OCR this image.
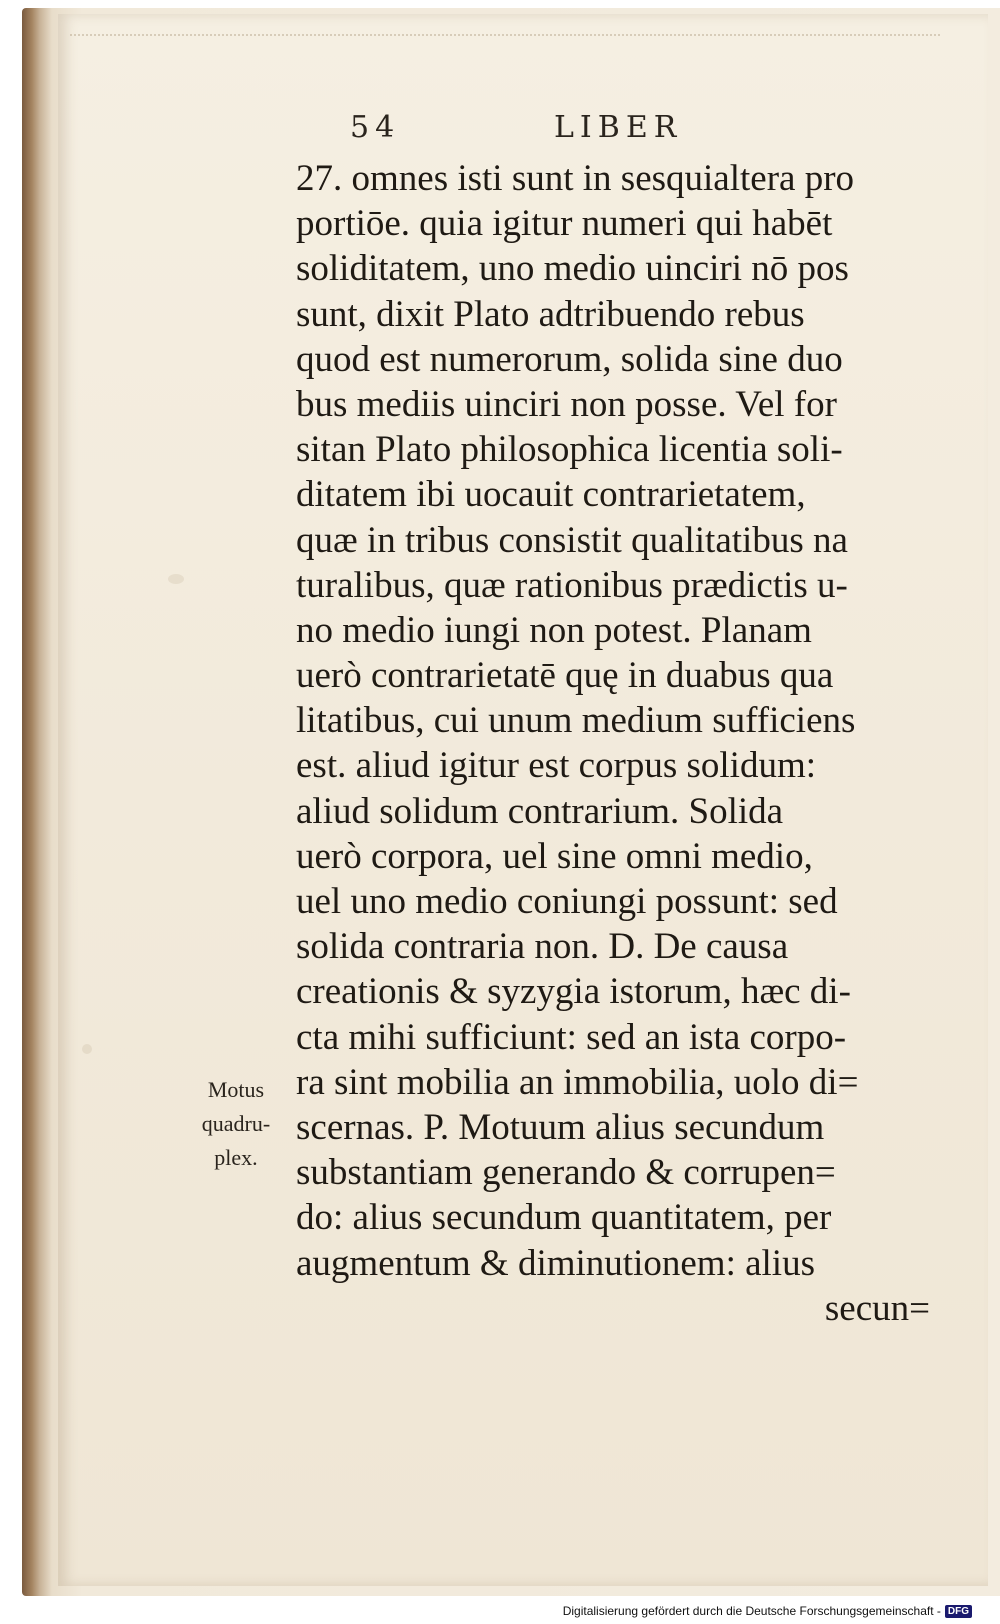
54	LIBER
27. omnes isti sunt in sesquialtera pro
portiōe. quia igitur numeri qui habēt
soliditatem, uno medio uinciri nō pos
sunt, dixit Plato adtribuendo rebus
quod est numerorum, solida sine duo
bus mediis uinciri non posse. Vel for
sitan Plato philosophica licentia soli-
ditatem ibi uocauit contrarietatem,
quæ in tribus consistit qualitatibus na
turalibus, quæ rationibus prædictis u-
no medio iungi non potest. Planam
uerò contrarietatē quę in duabus qua
litatibus, cui unum medium sufficiens
est. aliud igitur est corpus solidum:
aliud solidum contrarium. Solida
uerò corpora, uel sine omni medio,
uel uno medio coniungi possunt: sed
solida contraria non. D. De causa
creationis & syzygia istorum, hæc di-
cta mihi sufficiunt: sed an ista corpo-
ra sint mobilia an immobilia, uolo di=
scernas. P. Motuum alius secundum
substantiam generando & corrupen=
do: alius secundum quantitatem, per
augmentum & diminutionem: alius
secun=
Motus
quadru-
plex.
Digitalisierung gefördert durch die Deutsche Forschungsgemeinschaft - DFG
